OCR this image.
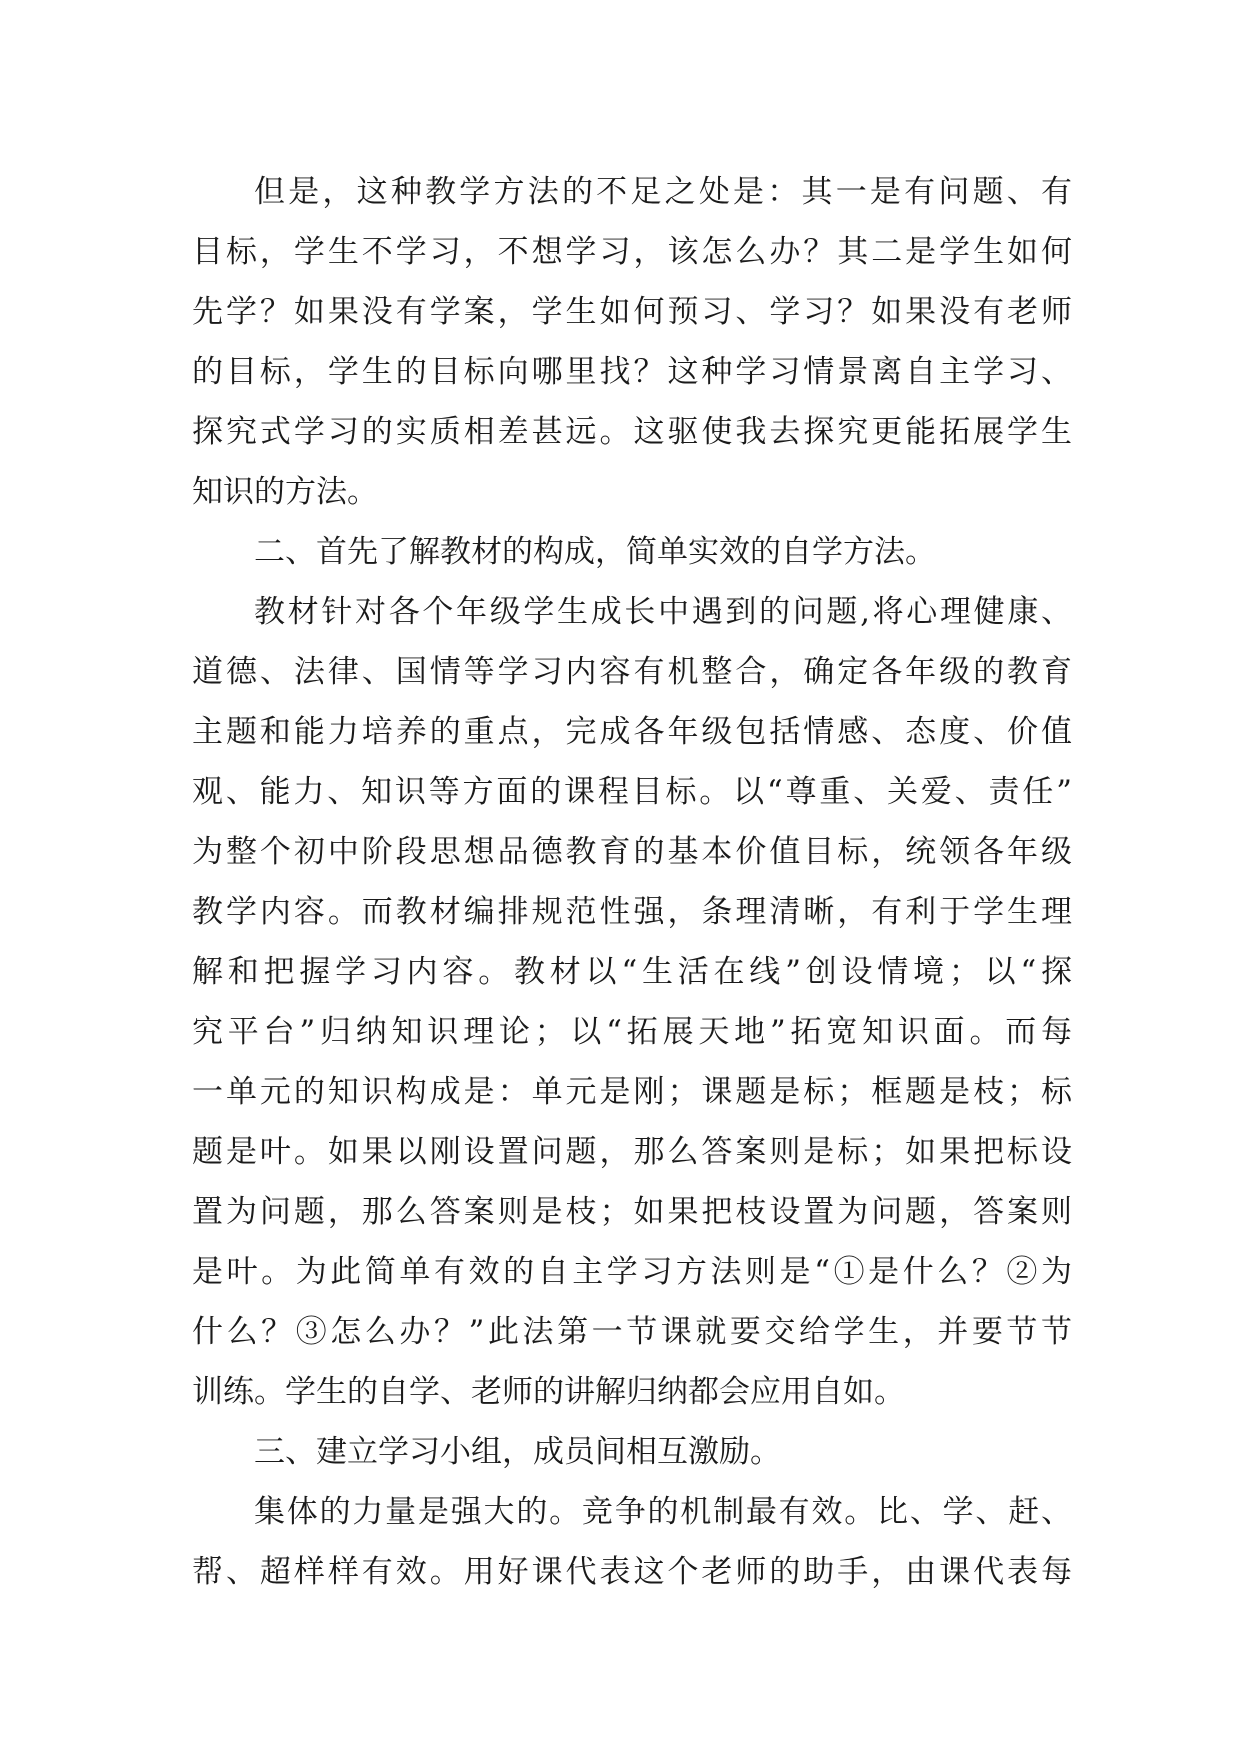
但是，这种教学方法的不足之处是：其一是有问题、有
目标，学生不学习，不想学习，该怎么办？其二是学生如何
先学？如果没有学案，学生如何预习、学习？如果没有老师
的目标，学生的目标向哪里找？这种学习情景离自主学习、
探究式学习的实质相差甚远。这驱使我去探究更能拓展学生
知识的方法。
二、首先了解教材的构成，简单实效的自学方法。
教材针对各个年级学生成长中遇到的问题,将心理健康、
道德、法律、国情等学习内容有机整合，确定各年级的教育
主题和能力培养的重点，完成各年级包括情感、态度、价值
观、能力、知识等方面的课程目标。以“尊重、关爱、责任”
为整个初中阶段思想品德教育的基本价值目标，统领各年级
教学内容。而教材编排规范性强，条理清晰，有利于学生理
解和把握学习内容。教材以“生活在线”创设情境；以“探
究平台”归纳知识理论；以“拓展天地”拓宽知识面。而每
一单元的知识构成是：单元是刚；课题是标；框题是枝；标
题是叶。如果以刚设置问题，那么答案则是标；如果把标设
置为问题，那么答案则是枝；如果把枝设置为问题，答案则
是叶。为此简单有效的自主学习方法则是“①是什么？②为
什么？③怎么办？”此法第一节课就要交给学生，并要节节
训练。学生的自学、老师的讲解归纳都会应用自如。
三、建立学习小组，成员间相互激励。
集体的力量是强大的。竞争的机制最有效。比、学、赶、
帮、超样样有效。用好课代表这个老师的助手，由课代表每
